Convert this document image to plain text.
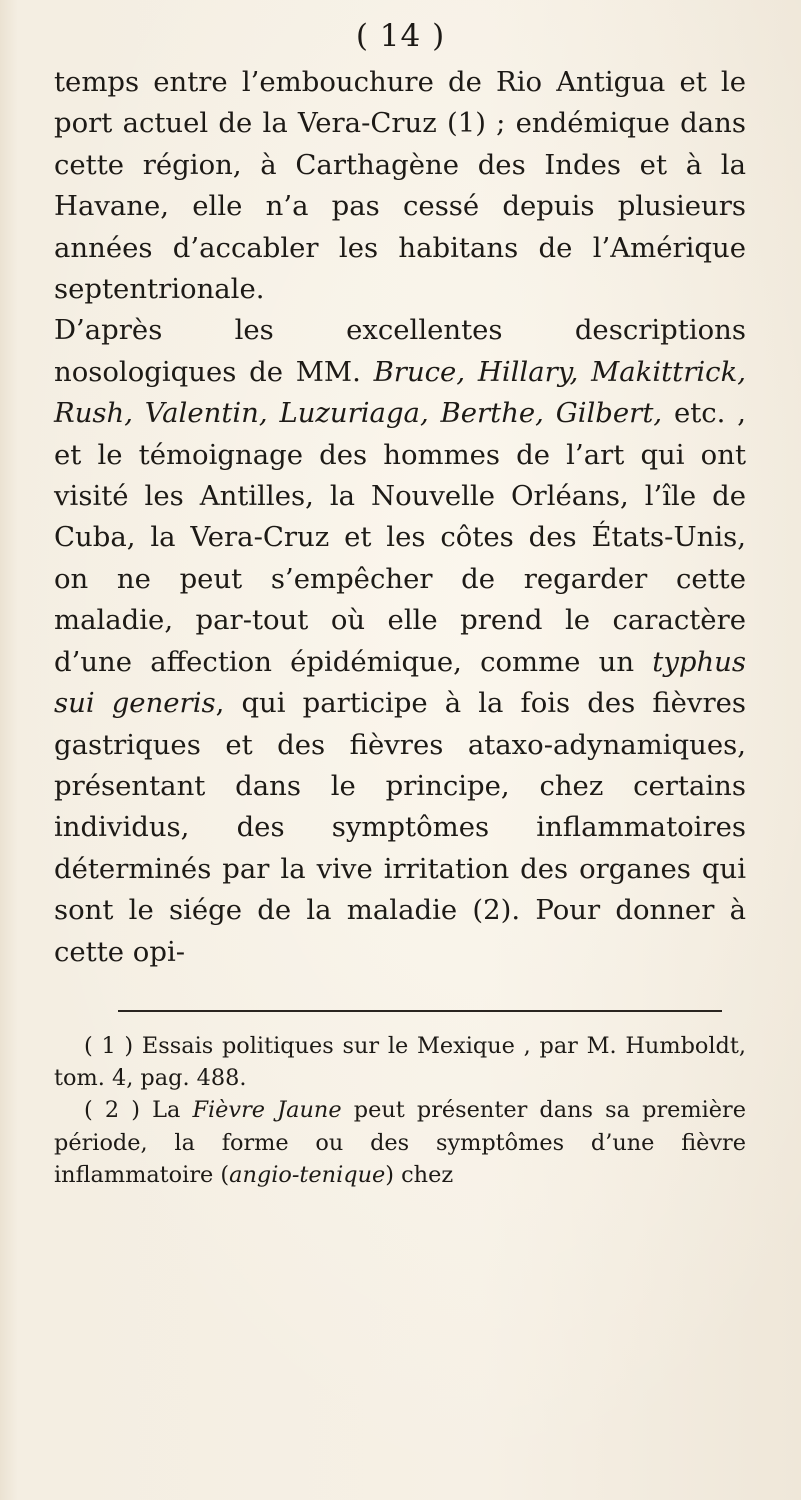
( 14 )

temps entre l’embouchure de Rio Antigua et le port actuel de la Vera-Cruz (1) ; endémique dans cette région, à Carthagène des Indes et à la Havane, elle n’a pas cessé depuis plusieurs années d’accabler les habitans de l’Amérique septentrionale.

D’après les excellentes descriptions nosologiques de MM. Bruce, Hillary, Makittrick, Rush, Valentin, Luzuriaga, Berthe, Gilbert, etc. , et le témoignage des hommes de l’art qui ont visité les Antilles, la Nouvelle Orléans, l’île de Cuba, la Vera-Cruz et les côtes des États-Unis, on ne peut s’empêcher de regarder cette maladie, par-tout où elle prend le caractère d’une affection épidémique, comme un typhus sui generis, qui participe à la fois des fièvres gastriques et des fièvres ataxo-adynamiques, présentant dans le principe, chez certains individus, des symptômes inflammatoires déterminés par la vive irritation des organes qui sont le siége de la maladie (2). Pour donner à cette opi-

( 1 ) Essais politiques sur le Mexique , par M. Humboldt, tom. 4, pag. 488.

( 2 ) La Fièvre Jaune peut présenter dans sa première période, la forme ou des symptômes d’une fièvre inflammatoire (angio-tenique) chez
